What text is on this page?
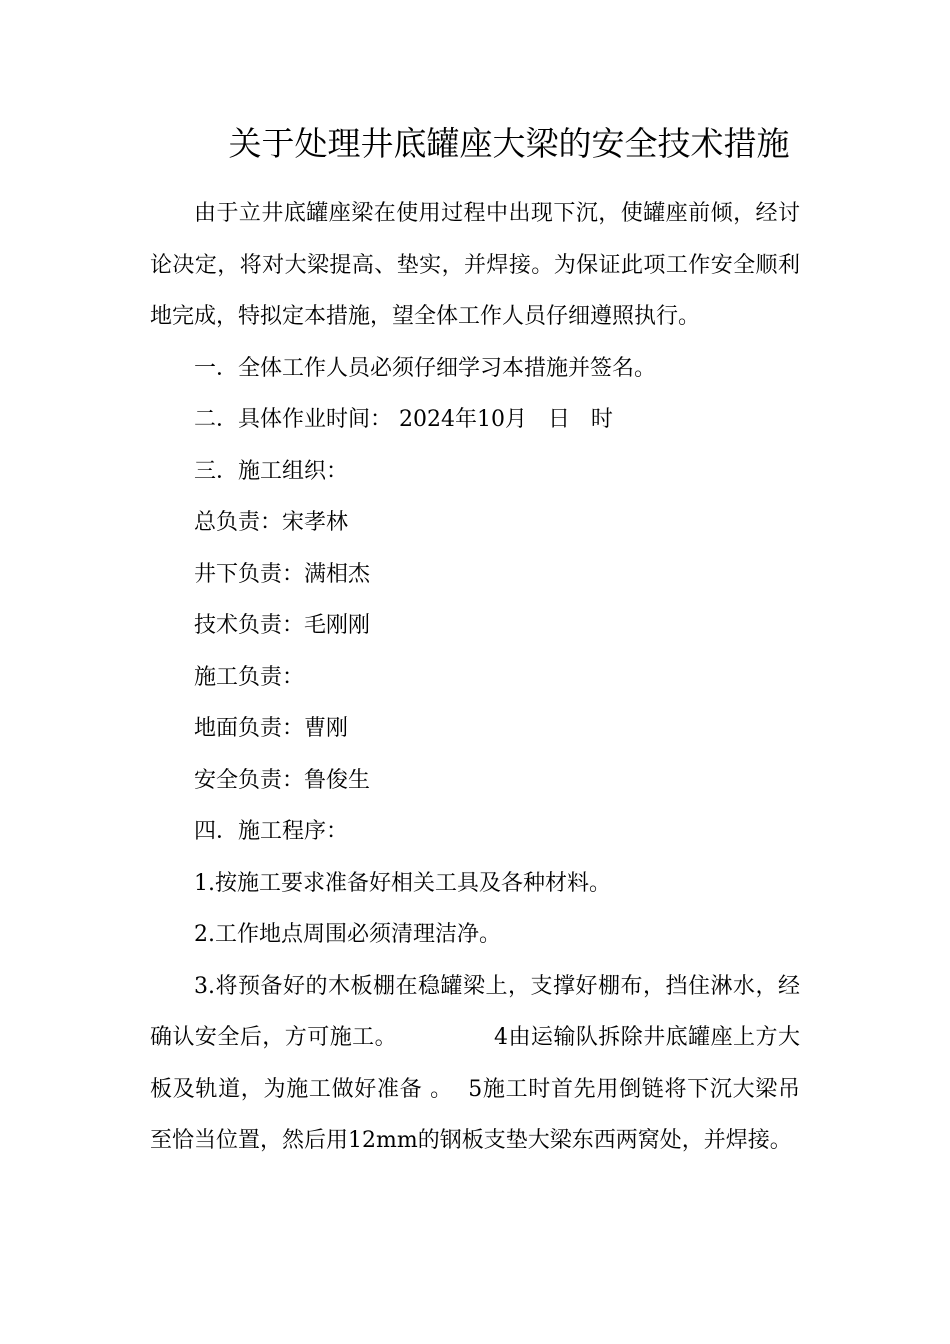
关于处理井底罐座大梁的安全技术措施

由于立井底罐座梁在使用过程中出现下沉，使罐座前倾，经讨论决定，将对大梁提高、垫实，并焊接。为保证此项工作安全顺利地完成，特拟定本措施，望全体工作人员仔细遵照执行。

一．全体工作人员必须仔细学习本措施并签名。

二．具体作业时间： 2024年10月   日   时

三．施工组织：

总负责：宋孝林

井下负责：满相杰

技术负责：毛刚刚

施工负责：

地面负责：曹刚

安全负责：鲁俊生

四．施工程序：

1.按施工要求准备好相关工具及各种材料。

2.工作地点周围必须清理洁净。

3.将预备好的木板棚在稳罐梁上，支撑好棚布，挡住淋水，经确认安全后，方可施工。	4由运输队拆除井底罐座上方大板及轨道，为施工做好准备 。 5施工时首先用倒链将下沉大梁吊至恰当位置，然后用12mm的钢板支垫大梁东西两窝处，并焊接。
